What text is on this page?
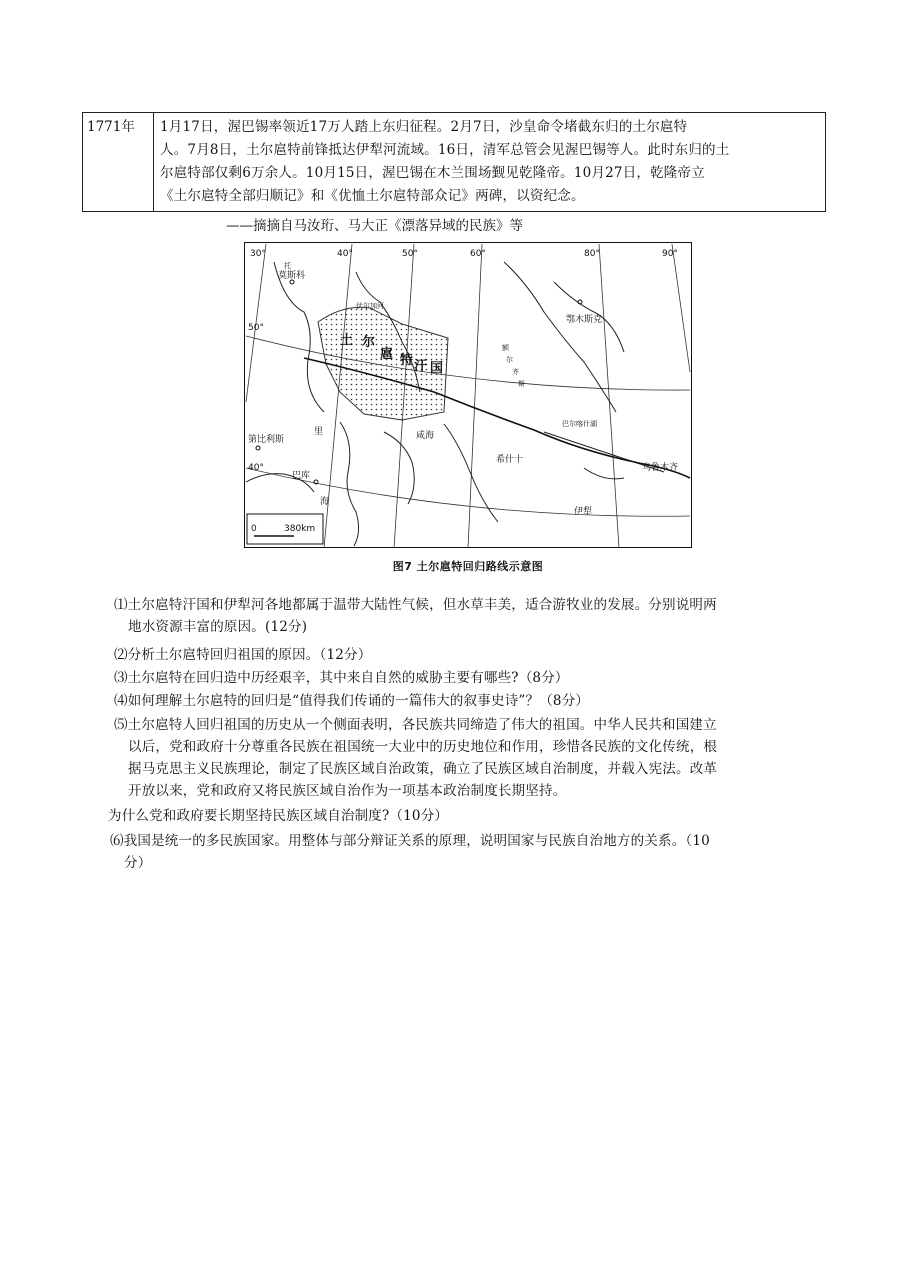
1771年	1月17日，渥巴锡率领近17万人踏上东归征程。2月7日，沙皇命令堵截东归的土尔扈特
人。7月8日，土尔扈特前锋抵达伊犁河流域。16日，清军总管会见渥巴锡等人。此时东归的土
尔扈特部仅剩6万余人。10月15日，渥巴锡在木兰围场觐见乾隆帝。10月27日，乾隆帝立
《土尔扈特全部归顺记》和《优恤土尔扈特部众记》两碑，以资纪念。
——摘摘自马汝珩、马大正《漂落异域的民族》等
30°	40°	50°	60°	80°	90°
50°
40°
托
莫斯科
鄂木斯克
第比利斯
巴库
里
海
咸海
巴尔喀什湖
乌鲁木齐
伊犁
希什十
额
尔
齐
斯
伏尔加河
土 尔
扈 特 汗 国
0	380km
图7 土尔扈特回归路线示意图
⑴土尔扈特汗国和伊犁河各地都属于温带大陆性气候，但水草丰美，适合游牧业的发展。分别说明两
地水资源丰富的原因。(12分)
⑵分析土尔扈特回归祖国的原因。（12分）
⑶土尔扈特在回归造中历经艰辛，其中来自自然的威胁主要有哪些?（8分）
⑷如何理解土尔扈特的回归是“值得我们传诵的一篇伟大的叙事史诗”？（8分）
⑸土尔扈特人回归祖国的历史从一个侧面表明，各民族共同缔造了伟大的祖国。中华人民共和国建立
以后，党和政府十分尊重各民族在祖国统一大业中的历史地位和作用，珍惜各民族的文化传统，根
据马克思主义民族理论，制定了民族区域自治政策，确立了民族区域自治制度，并载入宪法。改革
开放以来，党和政府又将民族区域自治作为一项基本政治制度长期坚持。
为什么党和政府要长期坚持民族区域自治制度?（10分）
⑹我国是统一的多民族国家。用整体与部分辩证关系的原理，说明国家与民族自治地方的关系。（10
分）
